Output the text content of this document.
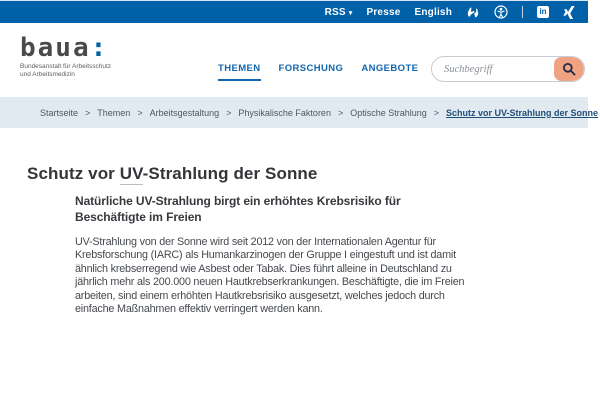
RSS ▾ Presse English	in
baua:
Bundesanstalt für Arbeitsschutz
und Arbeitsmedizin
THEMEN FORSCHUNG ANGEBOTE
Suchbegriff
Startseite > Themen > Arbeitsgestaltung > Physikalische Faktoren > Optische Strahlung > Schutz vor UV-Strahlung der Sonne
Schutz vor UV-Strahlung der Sonne
Natürliche UV-Strahlung birgt ein erhöhtes Krebsrisiko für Beschäftigte im Freien
UV-Strahlung von der Sonne wird seit 2012 von der Internationalen Agentur für Krebsforschung (IARC) als Humankarzinogen der Gruppe I eingestuft und ist damit ähnlich krebserregend wie Asbest oder Tabak. Dies führt alleine in Deutschland zu jährlich mehr als 200.000 neuen Hautkrebserkrankungen. Beschäftigte, die im Freien arbeiten, sind einem erhöhten Hautkrebsrisiko ausgesetzt, welches jedoch durch einfache Maßnahmen effektiv verringert werden kann.
